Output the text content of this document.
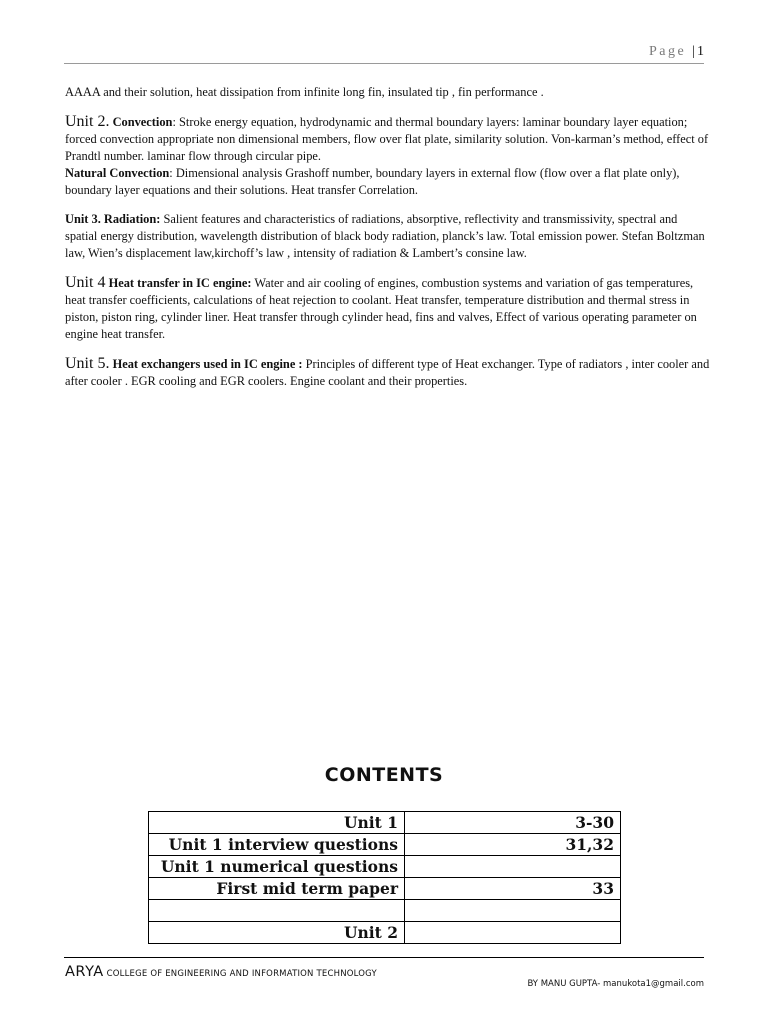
Page | 1

AAAA and their solution, heat dissipation from infinite long fin, insulated tip , fin performance .

Unit 2. Convection: Stroke energy equation, hydrodynamic and thermal boundary layers: laminar boundary layer equation; forced convection appropriate non dimensional members, flow over flat plate, similarity solution. Von-karman’s method, effect of Prandtl number. laminar flow through circular pipe.
Natural Convection: Dimensional analysis Grashoff number, boundary layers in external flow (flow over a flat plate only), boundary layer equations and their solutions. Heat transfer Correlation.

Unit 3. Radiation: Salient features and characteristics of radiations, absorptive, reflectivity and transmissivity, spectral and spatial energy distribution, wavelength distribution of black body radiation, planck’s law. Total emission power. Stefan Boltzman law, Wien’s displacement law,kirchoff’s law , intensity of radiation & Lambert’s consine law.

Unit 4 Heat transfer in IC engine: Water and air cooling of engines, combustion systems and variation of gas temperatures, heat transfer coefficients, calculations of heat rejection to coolant. Heat transfer, temperature distribution and thermal stress in piston, piston ring, cylinder liner. Heat transfer through cylinder head, fins and valves, Effect of various operating parameter on engine heat transfer.

Unit 5. Heat exchangers used in IC engine : Principles of different type of Heat exchanger. Type of radiators , inter cooler and after cooler . EGR cooling and EGR coolers. Engine coolant and their properties.

CONTENTS
Unit 1	3-30
Unit 1 interview questions	31,32
Unit 1 numerical questions	
First mid term paper	33

Unit 2	
ARYA COLLEGE OF ENGINEERING AND INFORMATION TECHNOLOGY
BY MANU GUPTA- manukota1@gmail.com
